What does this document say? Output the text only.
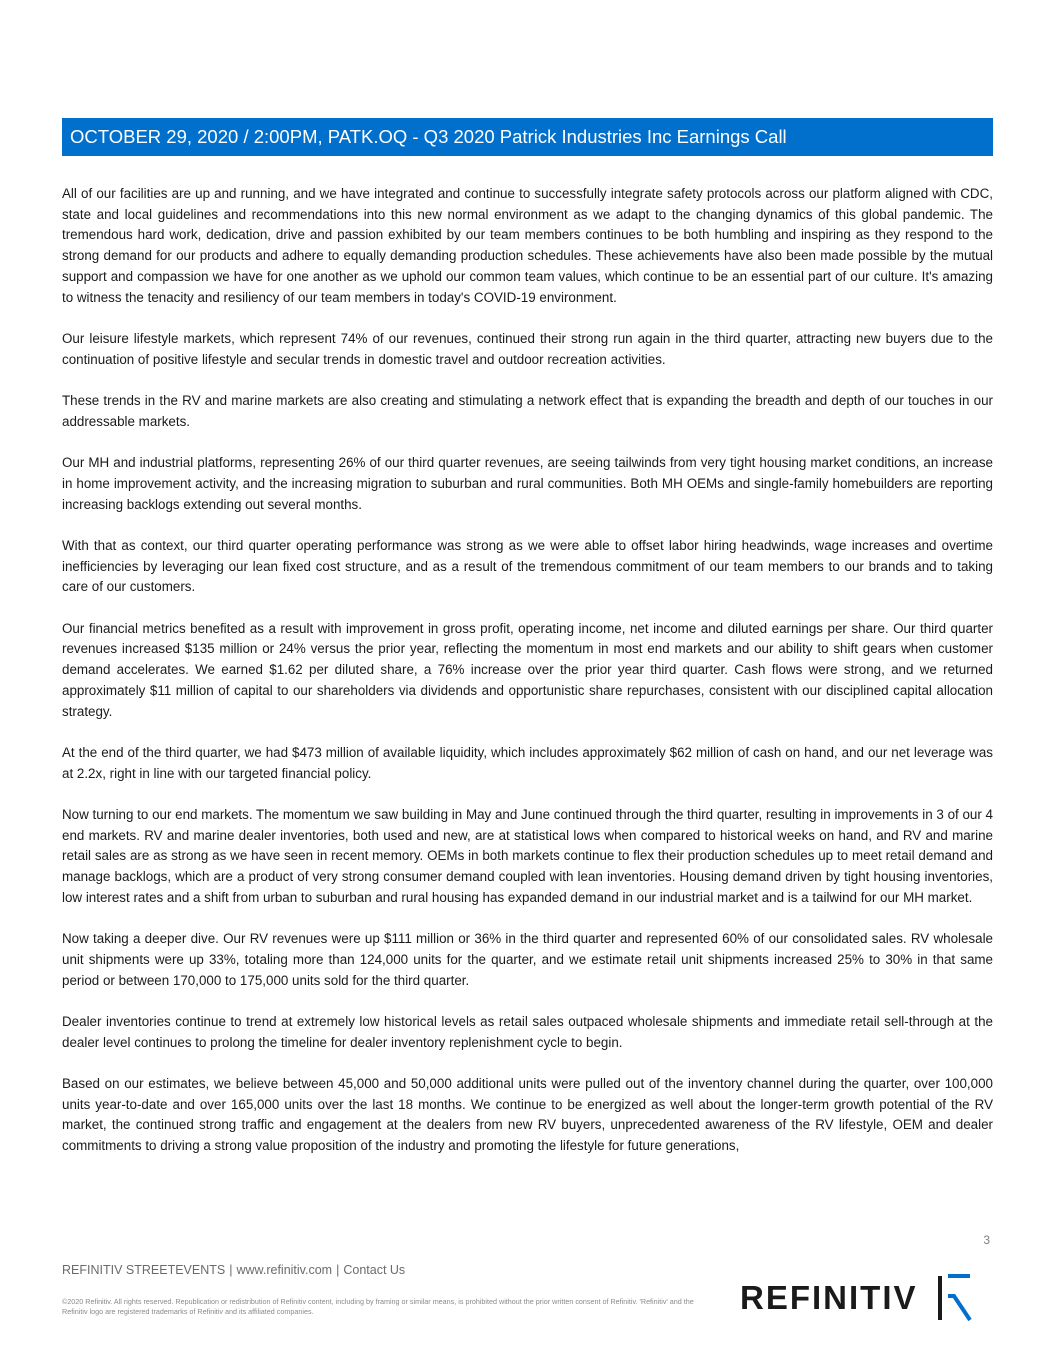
OCTOBER 29, 2020 / 2:00PM, PATK.OQ - Q3 2020 Patrick Industries Inc Earnings Call

All of our facilities are up and running, and we have integrated and continue to successfully integrate safety protocols across our platform aligned with CDC, state and local guidelines and recommendations into this new normal environment as we adapt to the changing dynamics of this global pandemic. The tremendous hard work, dedication, drive and passion exhibited by our team members continues to be both humbling and inspiring as they respond to the strong demand for our products and adhere to equally demanding production schedules. These achievements have also been made possible by the mutual support and compassion we have for one another as we uphold our common team values, which continue to be an essential part of our culture. It's amazing to witness the tenacity and resiliency of our team members in today's COVID-19 environment.

Our leisure lifestyle markets, which represent 74% of our revenues, continued their strong run again in the third quarter, attracting new buyers due to the continuation of positive lifestyle and secular trends in domestic travel and outdoor recreation activities.

These trends in the RV and marine markets are also creating and stimulating a network effect that is expanding the breadth and depth of our touches in our addressable markets.

Our MH and industrial platforms, representing 26% of our third quarter revenues, are seeing tailwinds from very tight housing market conditions, an increase in home improvement activity, and the increasing migration to suburban and rural communities. Both MH OEMs and single-family homebuilders are reporting increasing backlogs extending out several months.

With that as context, our third quarter operating performance was strong as we were able to offset labor hiring headwinds, wage increases and overtime inefficiencies by leveraging our lean fixed cost structure, and as a result of the tremendous commitment of our team members to our brands and to taking care of our customers.

Our financial metrics benefited as a result with improvement in gross profit, operating income, net income and diluted earnings per share. Our third quarter revenues increased $135 million or 24% versus the prior year, reflecting the momentum in most end markets and our ability to shift gears when customer demand accelerates. We earned $1.62 per diluted share, a 76% increase over the prior year third quarter. Cash flows were strong, and we returned approximately $11 million of capital to our shareholders via dividends and opportunistic share repurchases, consistent with our disciplined capital allocation strategy.

At the end of the third quarter, we had $473 million of available liquidity, which includes approximately $62 million of cash on hand, and our net leverage was at 2.2x, right in line with our targeted financial policy.

Now turning to our end markets. The momentum we saw building in May and June continued through the third quarter, resulting in improvements in 3 of our 4 end markets. RV and marine dealer inventories, both used and new, are at statistical lows when compared to historical weeks on hand, and RV and marine retail sales are as strong as we have seen in recent memory. OEMs in both markets continue to flex their production schedules up to meet retail demand and manage backlogs, which are a product of very strong consumer demand coupled with lean inventories. Housing demand driven by tight housing inventories, low interest rates and a shift from urban to suburban and rural housing has expanded demand in our industrial market and is a tailwind for our MH market.

Now taking a deeper dive. Our RV revenues were up $111 million or 36% in the third quarter and represented 60% of our consolidated sales. RV wholesale unit shipments were up 33%, totaling more than 124,000 units for the quarter, and we estimate retail unit shipments increased 25% to 30% in that same period or between 170,000 to 175,000 units sold for the third quarter.

Dealer inventories continue to trend at extremely low historical levels as retail sales outpaced wholesale shipments and immediate retail sell-through at the dealer level continues to prolong the timeline for dealer inventory replenishment cycle to begin.

Based on our estimates, we believe between 45,000 and 50,000 additional units were pulled out of the inventory channel during the quarter, over 100,000 units year-to-date and over 165,000 units over the last 18 months. We continue to be energized as well about the longer-term growth potential of the RV market, the continued strong traffic and engagement at the dealers from new RV buyers, unprecedented awareness of the RV lifestyle, OEM and dealer commitments to driving a strong value proposition of the industry and promoting the lifestyle for future generations,

3
REFINITIV STREETEVENTS | www.refinitiv.com | Contact Us
©2020 Refinitiv. All rights reserved. Republication or redistribution of Refinitiv content, including by framing or similar means, is prohibited without the prior written consent of Refinitiv. 'Refinitiv' and the Refinitiv logo are registered trademarks of Refinitiv and its affiliated companies.	REFINITIV
